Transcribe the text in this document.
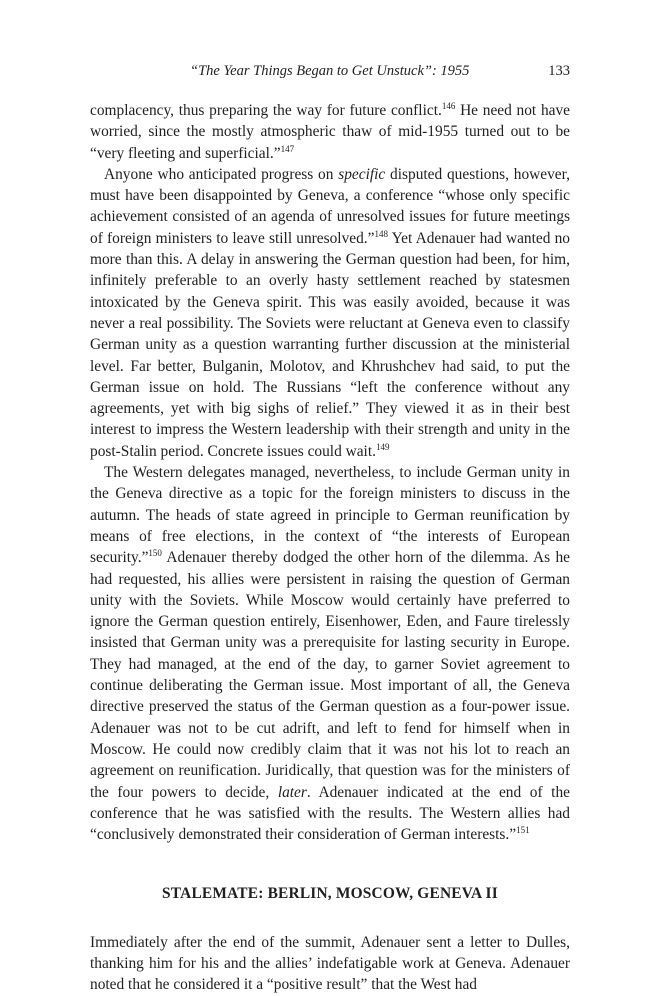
“The Year Things Began to Get Unstuck”: 1955	133

complacency, thus preparing the way for future conflict.$^{146}$ He need not have worried, since the mostly atmospheric thaw of mid-1955 turned out to be “very fleeting and superficial.”$^{147}$

Anyone who anticipated progress on specific disputed questions, however, must have been disappointed by Geneva, a conference “whose only specific achievement consisted of an agenda of unresolved issues for future meetings of foreign ministers to leave still unresolved.”$^{148}$ Yet Adenauer had wanted no more than this. A delay in answering the German question had been, for him, infinitely preferable to an overly hasty settlement reached by statesmen intoxicated by the Geneva spirit. This was easily avoided, because it was never a real possibility. The Soviets were reluctant at Geneva even to classify German unity as a question warranting further discussion at the ministerial level. Far better, Bulganin, Molotov, and Khrushchev had said, to put the German issue on hold. The Russians “left the conference without any agreements, yet with big sighs of relief.” They viewed it as in their best interest to impress the Western leadership with their strength and unity in the post-Stalin period. Concrete issues could wait.$^{149}$

The Western delegates managed, nevertheless, to include German unity in the Geneva directive as a topic for the foreign ministers to discuss in the autumn. The heads of state agreed in principle to German reunification by means of free elections, in the context of “the interests of European security.”$^{150}$ Adenauer thereby dodged the other horn of the dilemma. As he had requested, his allies were persistent in raising the question of German unity with the Soviets. While Moscow would certainly have preferred to ignore the German question entirely, Eisenhower, Eden, and Faure tirelessly insisted that German unity was a prerequisite for lasting security in Europe. They had managed, at the end of the day, to garner Soviet agreement to continue deliberating the German issue. Most important of all, the Geneva directive preserved the status of the German question as a four-power issue. Adenauer was not to be cut adrift, and left to fend for himself when in Moscow. He could now credibly claim that it was not his lot to reach an agreement on reunification. Juridically, that question was for the ministers of the four powers to decide, later. Adenauer indicated at the end of the conference that he was satisfied with the results. The Western allies had “conclusively demonstrated their consideration of German interests.”$^{151}$

STALEMATE: BERLIN, MOSCOW, GENEVA II

Immediately after the end of the summit, Adenauer sent a letter to Dulles, thanking him for his and the allies’ indefatigable work at Geneva. Adenauer noted that he considered it a “positive result” that the West had
